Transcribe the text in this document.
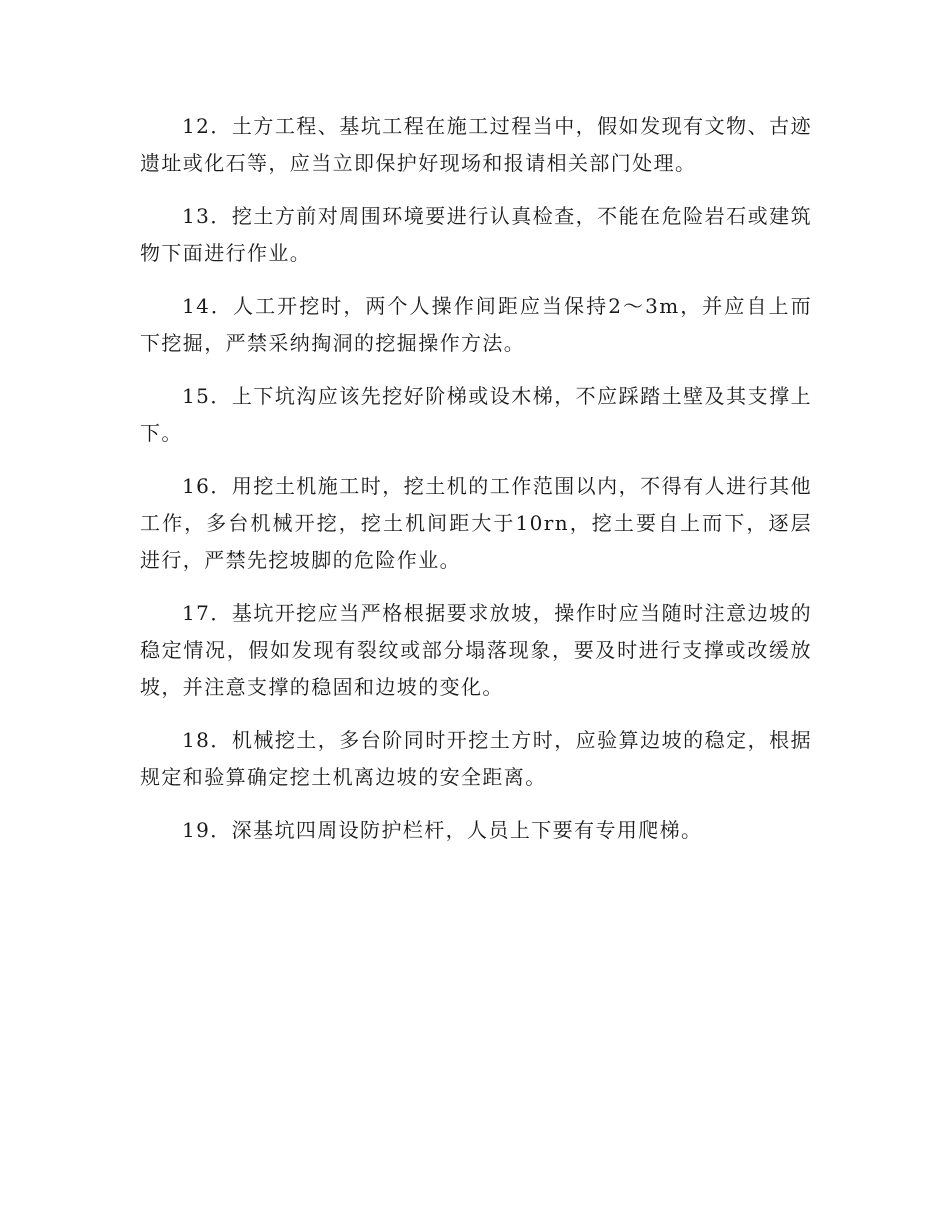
12．土方工程、基坑工程在施工过程当中，假如发现有文物、古迹遗址或化石等，应当立即保护好现场和报请相关部门处理。

13．挖土方前对周围环境要进行认真检查，不能在危险岩石或建筑物下面进行作业。

14．人工开挖时，两个人操作间距应当保持2～3m，并应自上而下挖掘，严禁采纳掏洞的挖掘操作方法。

15．上下坑沟应该先挖好阶梯或设木梯，不应踩踏土壁及其支撑上下。

16．用挖土机施工时，挖土机的工作范围以内，不得有人进行其他工作，多台机械开挖，挖土机间距大于10rn，挖土要自上而下，逐层进行，严禁先挖坡脚的危险作业。

17．基坑开挖应当严格根据要求放坡，操作时应当随时注意边坡的稳定情况，假如发现有裂纹或部分塌落现象，要及时进行支撑或改缓放坡，并注意支撑的稳固和边坡的变化。

18．机械挖土，多台阶同时开挖土方时，应验算边坡的稳定，根据规定和验算确定挖土机离边坡的安全距离。

19．深基坑四周设防护栏杆，人员上下要有专用爬梯。
